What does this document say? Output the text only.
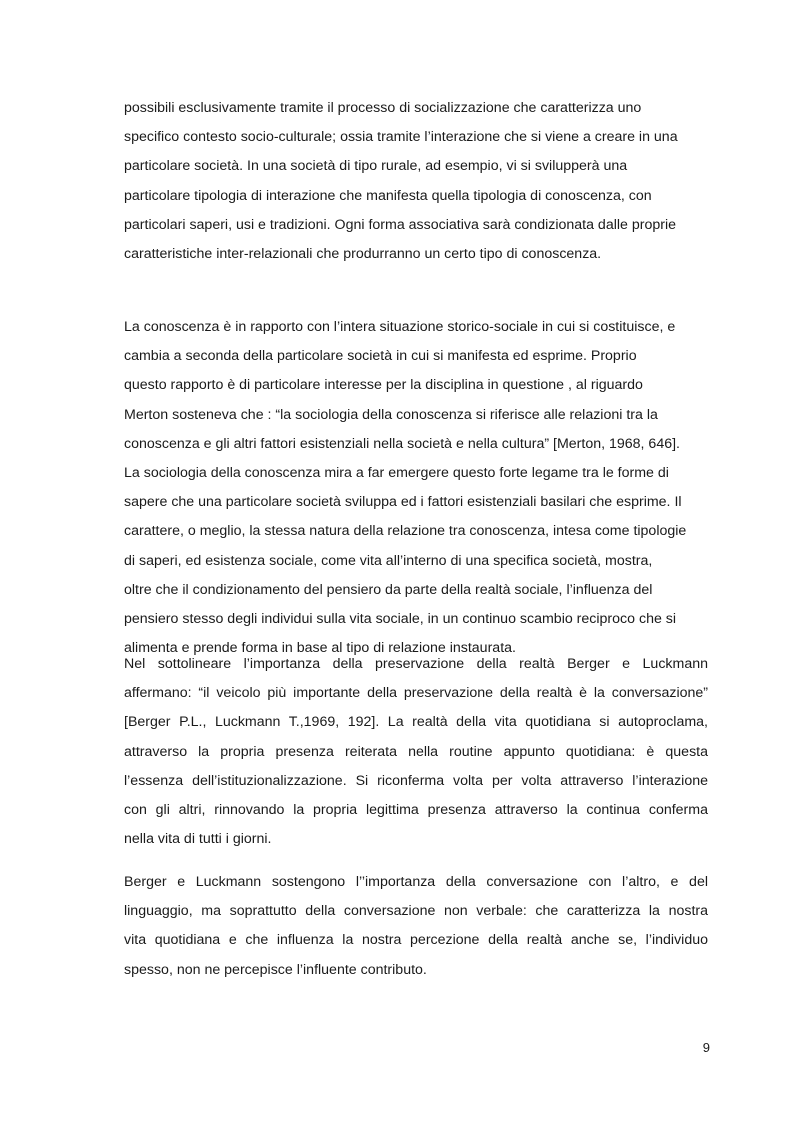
possibili esclusivamente tramite il processo di socializzazione che caratterizza uno
specifico contesto socio-culturale; ossia tramite l’interazione che si viene a creare in una
particolare società. In una società di tipo rurale, ad esempio, vi si svilupperà una
particolare tipologia di interazione che manifesta quella tipologia di conoscenza, con
particolari saperi, usi e tradizioni. Ogni forma associativa sarà condizionata dalle proprie
caratteristiche inter-relazionali che produrranno un certo tipo di conoscenza.
La conoscenza è in rapporto con l’intera situazione storico-sociale in cui si costituisce, e
cambia a seconda della particolare società in cui si manifesta ed esprime. Proprio
questo rapporto è di particolare interesse per la disciplina in questione , al riguardo
Merton sosteneva che : “la sociologia della conoscenza si riferisce alle relazioni tra la
conoscenza e gli altri fattori esistenziali nella società e nella cultura” [Merton, 1968, 646].
La sociologia della conoscenza mira a far emergere questo forte legame tra le forme di
sapere che una particolare società sviluppa ed i fattori esistenziali basilari che esprime. Il
carattere, o meglio, la stessa natura della relazione tra conoscenza, intesa come tipologie
di saperi, ed esistenza sociale, come vita all’interno di una specifica società, mostra,
oltre che il condizionamento del pensiero da parte della realtà sociale, l’influenza del
pensiero stesso degli individui sulla vita sociale, in un continuo scambio reciproco che si
alimenta e prende forma in base al tipo di relazione instaurata.
Nel sottolineare l’importanza della preservazione della realtà Berger e Luckmann
affermano: “il veicolo più importante della preservazione della realtà è la conversazione”
[Berger P.L., Luckmann T.,1969, 192]. La realtà della vita quotidiana si autoproclama,
attraverso la propria presenza reiterata nella routine appunto quotidiana: è questa
l’essenza dell’istituzionalizzazione. Si riconferma volta per volta attraverso l’interazione
con gli altri, rinnovando la propria legittima presenza attraverso la continua conferma
nella vita di tutti i giorni.
Berger e Luckmann sostengono l’’importanza della conversazione con l’altro, e del
linguaggio, ma soprattutto della conversazione non verbale: che caratterizza la nostra
vita quotidiana e che influenza la nostra percezione della realtà anche se, l’individuo
spesso, non ne percepisce l’influente contributo.
9
